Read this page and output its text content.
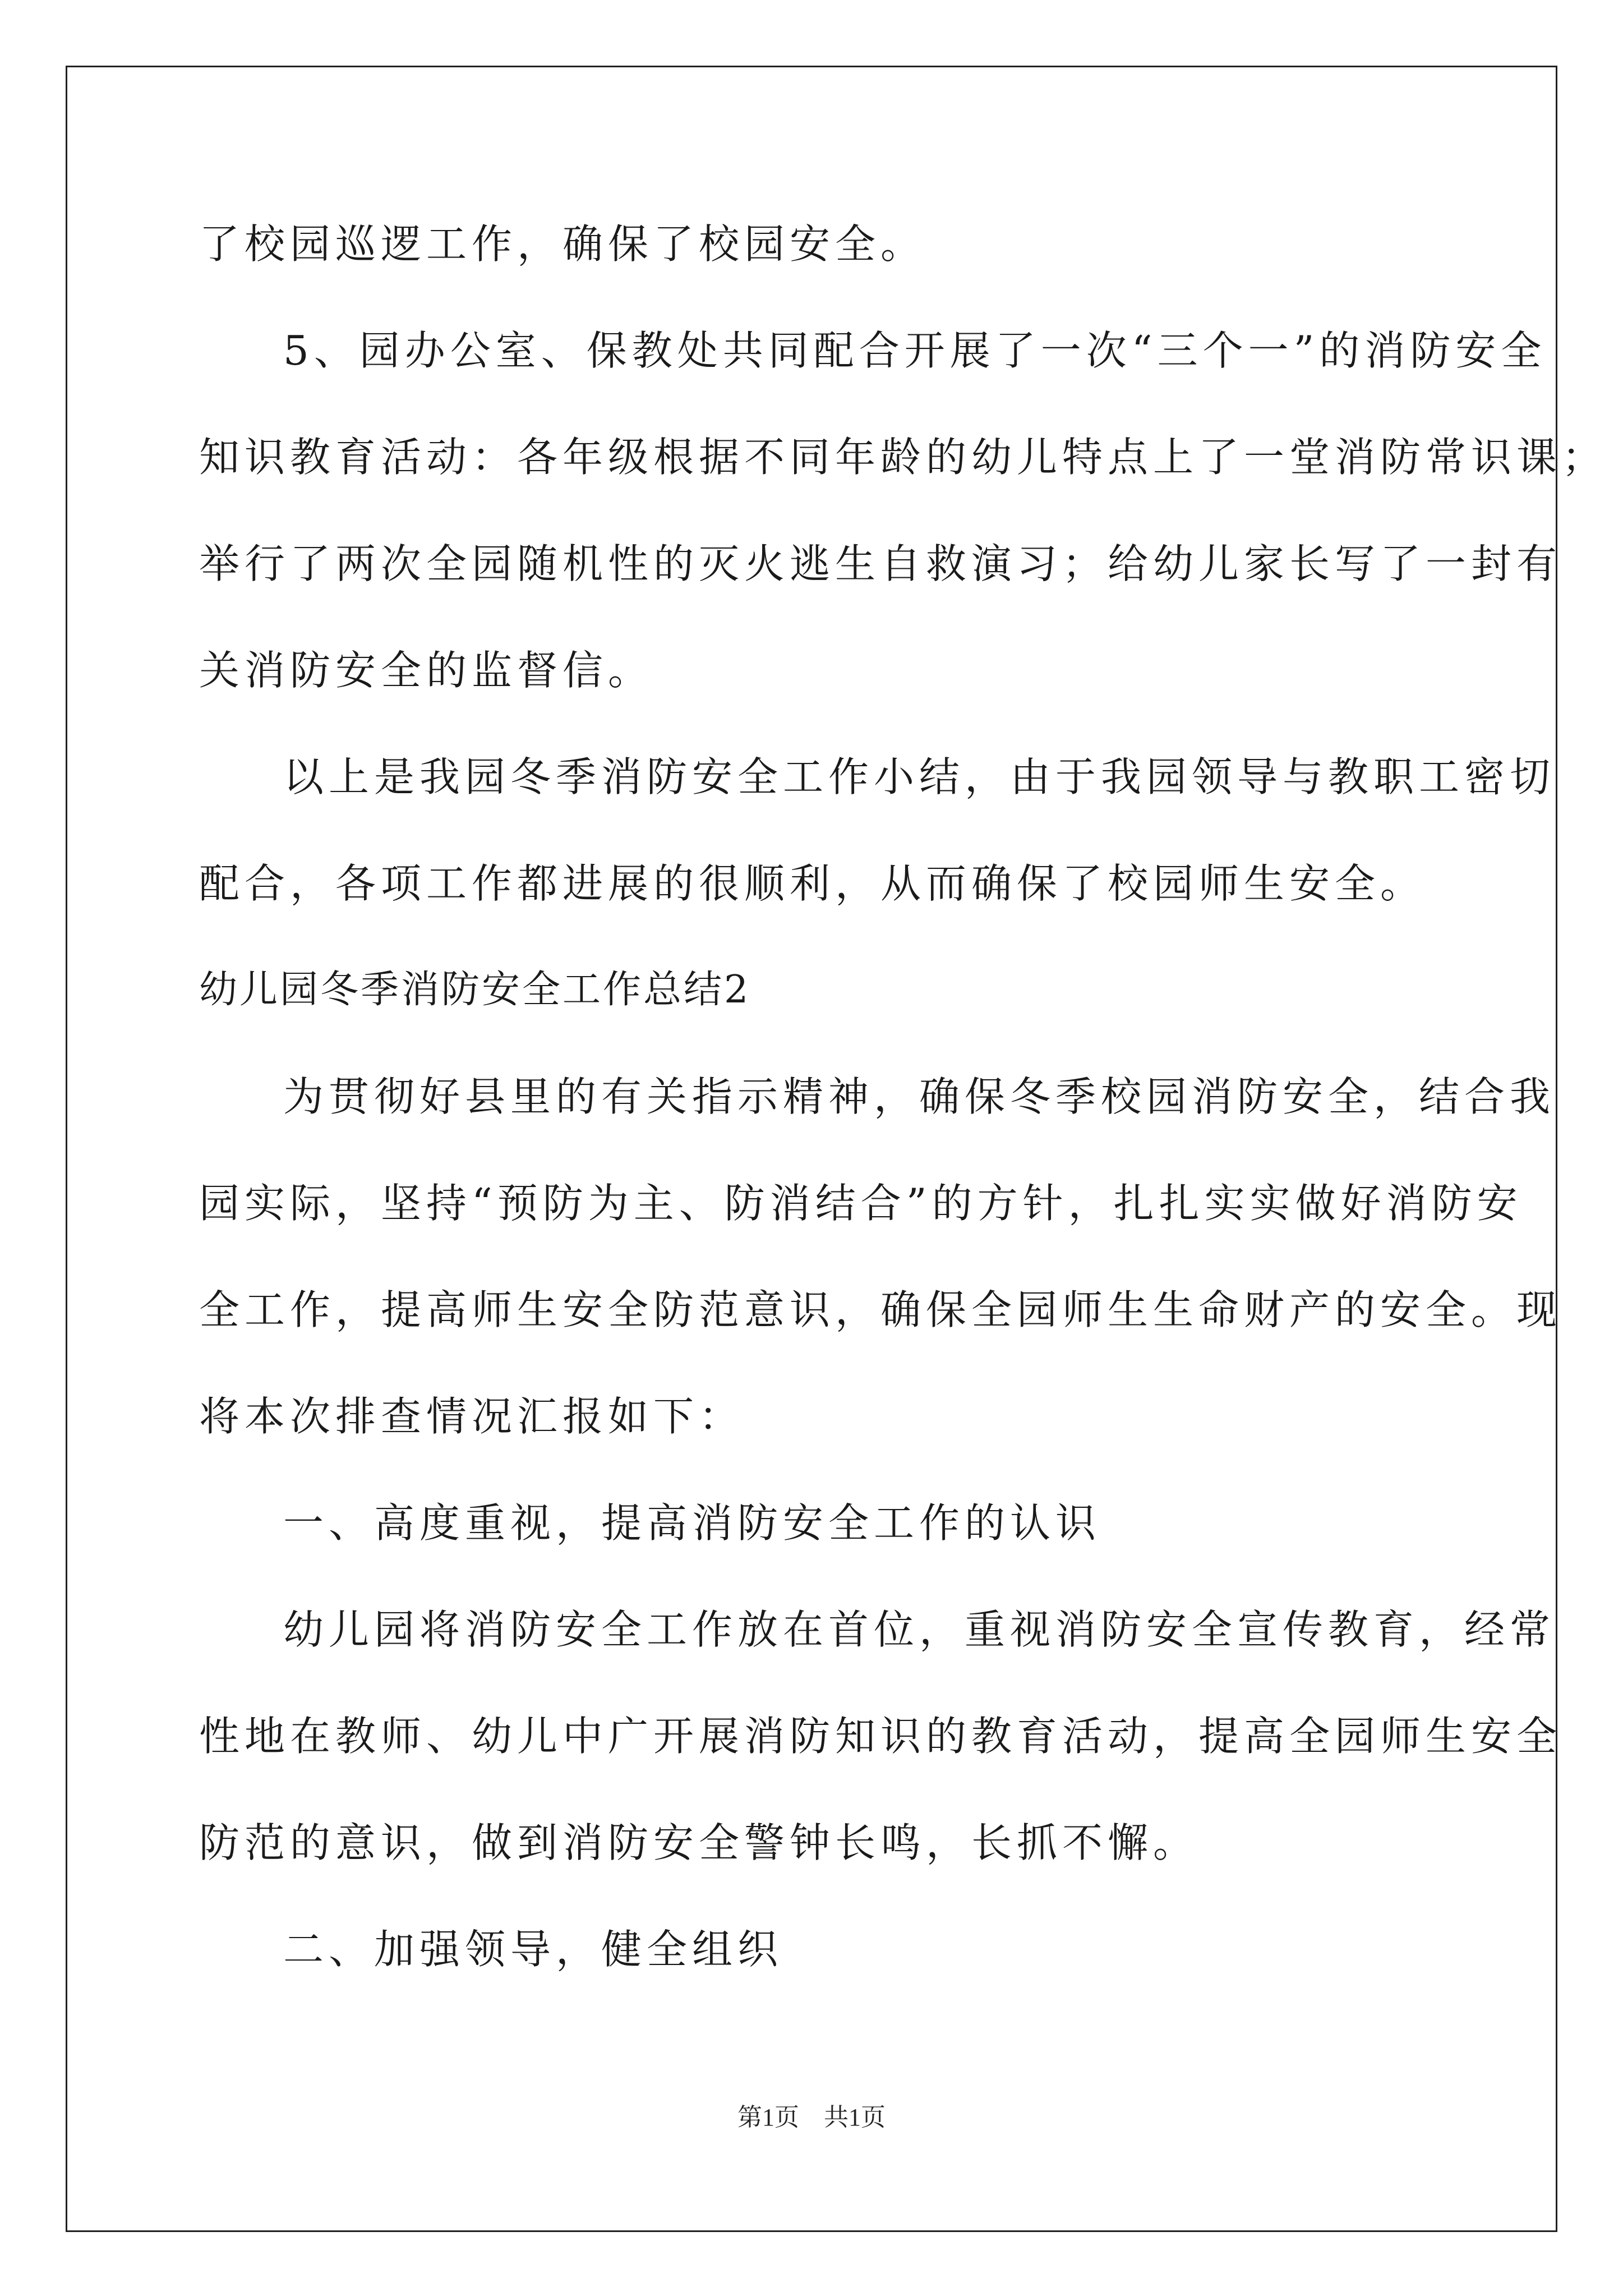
了校园巡逻工作，确保了校园安全。
5、园办公室、保教处共同配合开展了一次“三个一”的消防安全
知识教育活动：各年级根据不同年龄的幼儿特点上了一堂消防常识课；
举行了两次全园随机性的灭火逃生自救演习；给幼儿家长写了一封有
关消防安全的监督信。
以上是我园冬季消防安全工作小结，由于我园领导与教职工密切
配合，各项工作都进展的很顺利，从而确保了校园师生安全。
幼儿园冬季消防安全工作总结2
为贯彻好县里的有关指示精神，确保冬季校园消防安全，结合我
园实际，坚持“预防为主、防消结合”的方针，扎扎实实做好消防安
全工作，提高师生安全防范意识，确保全园师生生命财产的安全。现
将本次排查情况汇报如下：
一、高度重视，提高消防安全工作的认识
幼儿园将消防安全工作放在首位，重视消防安全宣传教育，经常
性地在教师、幼儿中广开展消防知识的教育活动，提高全园师生安全
防范的意识，做到消防安全警钟长鸣，长抓不懈。
二、加强领导，健全组织
第1页 共1页
